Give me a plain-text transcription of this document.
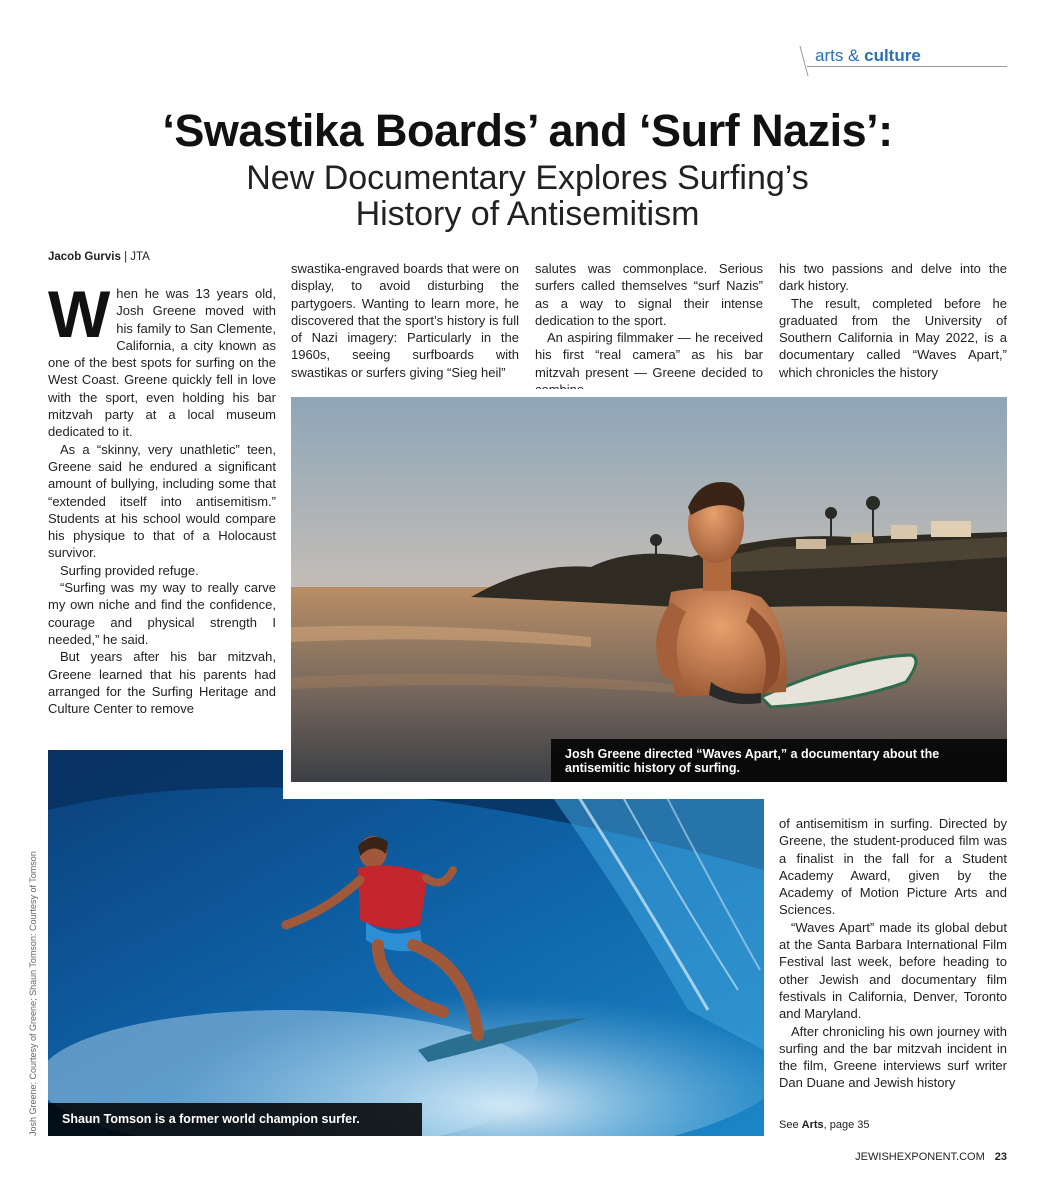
arts & culture
‘Swastika Boards’ and ‘Surf Nazis’:
New Documentary Explores Surfing’s
History of Antisemitism
Jacob Gurvis | JTA

When he was 13 years old, Josh Greene moved with his family to San Clemente, California, a city known as one of the best spots for surfing on the West Coast. Greene quickly fell in love with the sport, even holding his bar mitzvah party at a local museum dedicated to it.

As a “skinny, very unathletic” teen, Greene said he endured a significant amount of bullying, including some that “extended itself into antisemitism.” Students at his school would compare his physique to that of a Holocaust survivor.

Surfing provided refuge.

“Surfing was my way to really carve my own niche and find the confidence, courage and physical strength I needed,” he said.

But years after his bar mitzvah, Greene learned that his parents had arranged for the Surfing Heritage and Culture Center to remove

swastika-engraved boards that were on display, to avoid disturbing the partygoers. Wanting to learn more, he discovered that the sport’s history is full of Nazi imagery: Particularly in the 1960s, seeing surfboards with swastikas or surfers giving “Sieg heil”

salutes was commonplace. Serious surfers called themselves “surf Nazis” as a way to signal their intense dedication to the sport.

An aspiring filmmaker — he received his first “real camera” as his bar mitzvah present — Greene decided to

his two passions and delve into the dark history.

The result, completed before he graduated from the University of Southern California in May 2022, is a documentary called “Waves Apart,” which chronicles the history

Josh Greene directed “Waves Apart,” a documentary about the antisemitic history of surfing.
Shaun Tomson is a former world champion surfer.
Josh Greene: Courtesy of Greene; Shaun Tomson: Courtesy of Tomson

of antisemitism in surfing. Directed by Greene, the student-produced film was a finalist in the fall for a Student Academy Award, given by the Academy of Motion Picture Arts and Sciences.

“Waves Apart” made its global debut at the Santa Barbara International Film Festival last week, before heading to other Jewish and documentary film festivals in California, Denver, Toronto and Maryland.

After chronicling his own journey with surfing and the bar mitzvah incident in the film, Greene interviews surf writer Dan Duane and Jewish history

See Arts, page 35
JEWISHEXPONENT.COM 23
